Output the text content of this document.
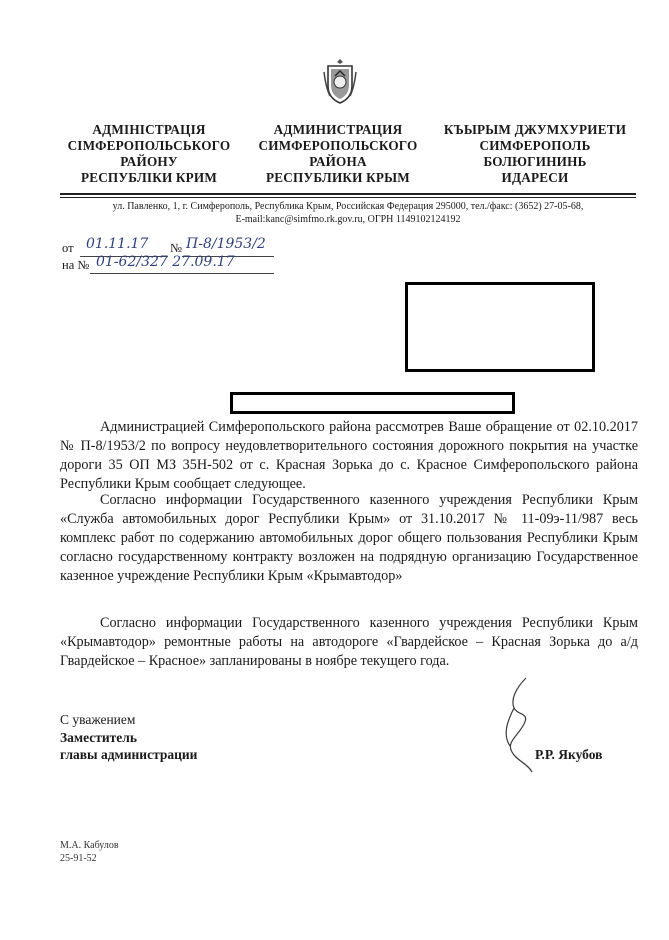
АДМІНІСТРАЦІЯ
СІМФЕРОПОЛЬСЬКОГО
РАЙОНУ
РЕСПУБЛІКИ КРИМ
АДМИНИСТРАЦИЯ
СИМФЕРОПОЛЬСКОГО
РАЙОНА
РЕСПУБЛИКИ КРЫМ
КЪЫРЫМ ДЖУМХУРИЕТИ
СИМФЕРОПОЛЬ
БОЛЮГИНИНЬ
ИДАРЕСИ
ул. Павленко, 1, г. Симферополь, Республика Крым, Российская Федерация 295000, тел./факс: (3652) 27-05-68,
E-mail:kanc@simfmo.rk.gov.ru, ОГРН 1149102124192
от 01.11.17 № П-8/1953/2
на № 01-62/327 27.09.17
Администрацией Симферопольского района рассмотрев Ваше обращение от 02.10.2017 № П-8/1953/2 по вопросу неудовлетворительного состояния дорожного покрытия на участке дороги 35 ОП МЗ 35Н-502 от с. Красная Зорька до с. Красное Симферопольского района Республики Крым сообщает следующее.
Согласно информации Государственного казенного учреждения Республики Крым «Служба автомобильных дорог Республики Крым» от 31.10.2017 № 11-09э-11/987 весь комплекс работ по содержанию автомобильных дорог общего пользования Республики Крым согласно государственному контракту возложен на подрядную организацию Государственное казенное учреждение Республики Крым «Крымавтодор»
Согласно информации Государственного казенного учреждения Республики Крым «Крымавтодор» ремонтные работы на автодороге «Гвардейское – Красная Зорька до а/д Гвардейское – Красное» запланированы в ноябре текущего года.
С уважением
Заместитель
главы администрации	Р.Р. Якубов
М.А. Кабулов
25-91-52
